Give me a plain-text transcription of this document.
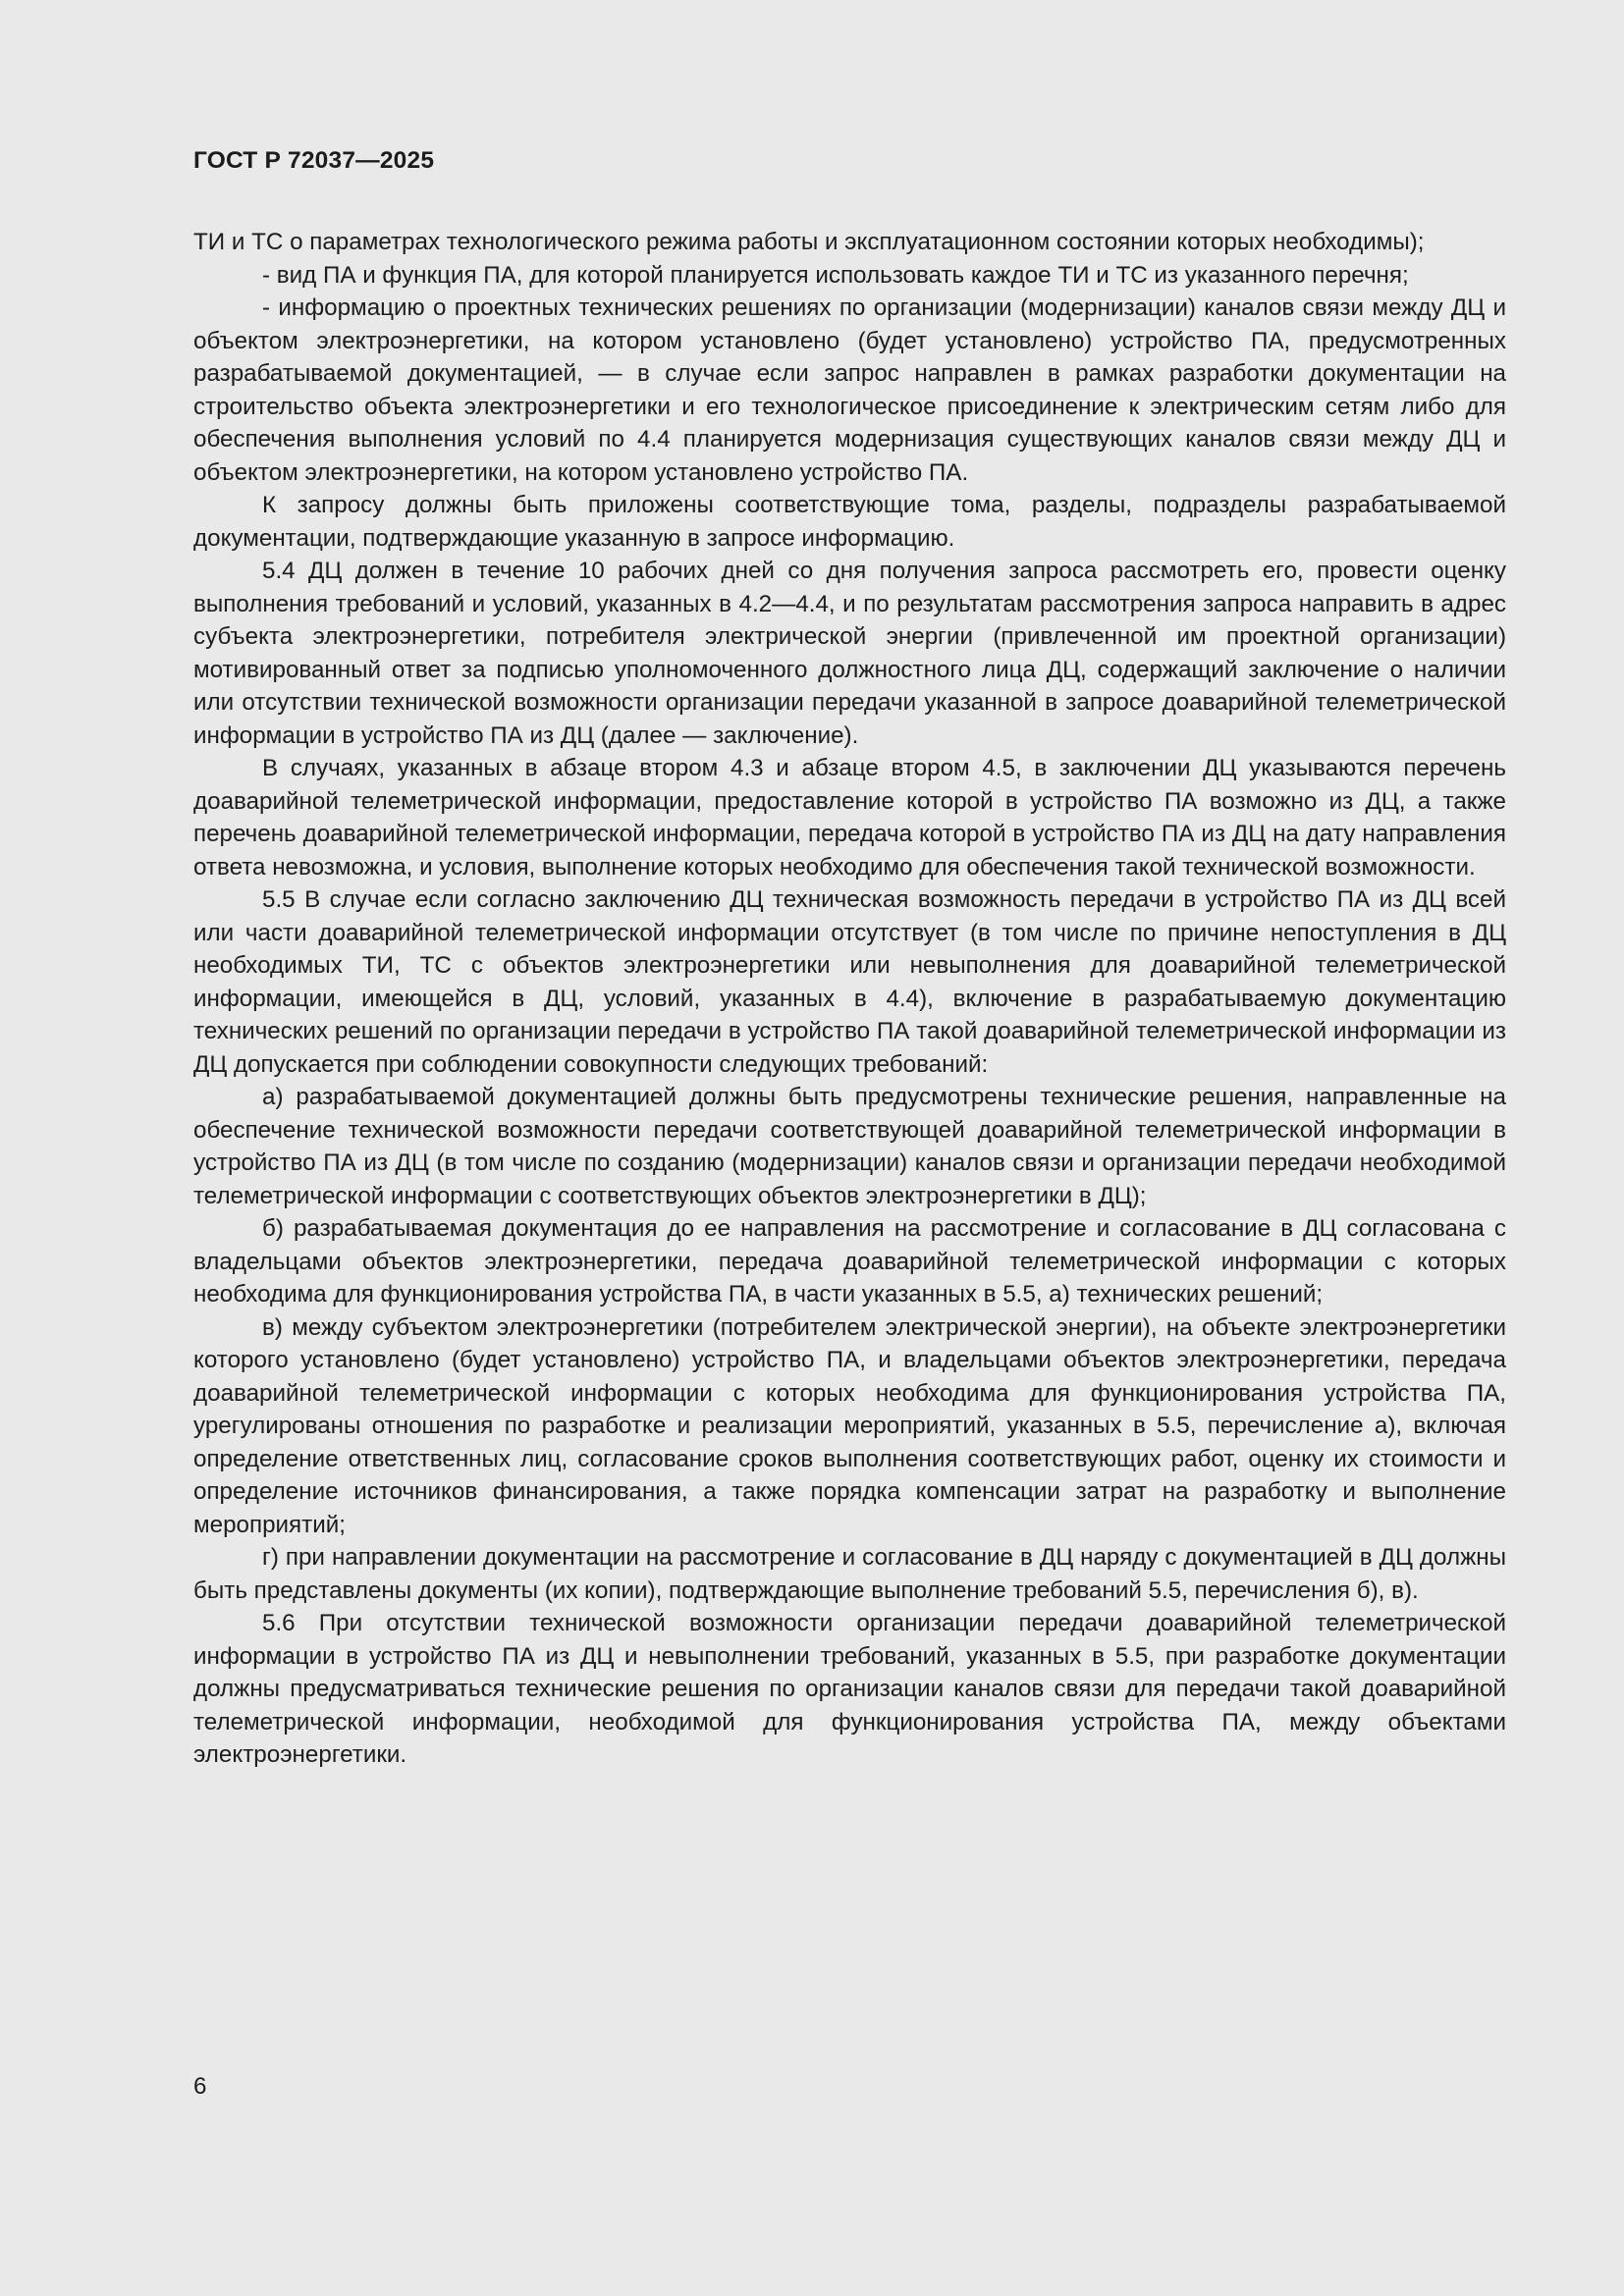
ГОСТ Р 72037—2025

ТИ и ТС о параметрах технологического режима работы и эксплуатационном состоянии которых необходимы);

- вид ПА и функция ПА, для которой планируется использовать каждое ТИ и ТС из указанного перечня;

- информацию о проектных технических решениях по организации (модернизации) каналов связи между ДЦ и объектом электроэнергетики, на котором установлено (будет установлено) устройство ПА, предусмотренных разрабатываемой документацией, — в случае если запрос направлен в рамках разработки документации на строительство объекта электроэнергетики и его технологическое присоединение к электрическим сетям либо для обеспечения выполнения условий по 4.4 планируется модернизация существующих каналов связи между ДЦ и объектом электроэнергетики, на котором установлено устройство ПА.

К запросу должны быть приложены соответствующие тома, разделы, подразделы разрабатываемой документации, подтверждающие указанную в запросе информацию.

5.4 ДЦ должен в течение 10 рабочих дней со дня получения запроса рассмотреть его, провести оценку выполнения требований и условий, указанных в 4.2—4.4, и по результатам рассмотрения запроса направить в адрес субъекта электроэнергетики, потребителя электрической энергии (привлеченной им проектной организации) мотивированный ответ за подписью уполномоченного должностного лица ДЦ, содержащий заключение о наличии или отсутствии технической возможности организации передачи указанной в запросе доаварийной телеметрической информации в устройство ПА из ДЦ (далее — заключение).

В случаях, указанных в абзаце втором 4.3 и абзаце втором 4.5, в заключении ДЦ указываются перечень доаварийной телеметрической информации, предоставление которой в устройство ПА возможно из ДЦ, а также перечень доаварийной телеметрической информации, передача которой в устройство ПА из ДЦ на дату направления ответа невозможна, и условия, выполнение которых необходимо для обеспечения такой технической возможности.

5.5 В случае если согласно заключению ДЦ техническая возможность передачи в устройство ПА из ДЦ всей или части доаварийной телеметрической информации отсутствует (в том числе по причине непоступления в ДЦ необходимых ТИ, ТС с объектов электроэнергетики или невыполнения для доаварийной телеметрической информации, имеющейся в ДЦ, условий, указанных в 4.4), включение в разрабатываемую документацию технических решений по организации передачи в устройство ПА такой доаварийной телеметрической информации из ДЦ допускается при соблюдении совокупности следующих требований:

а) разрабатываемой документацией должны быть предусмотрены технические решения, направленные на обеспечение технической возможности передачи соответствующей доаварийной телеметрической информации в устройство ПА из ДЦ (в том числе по созданию (модернизации) каналов связи и организации передачи необходимой телеметрической информации с соответствующих объектов электроэнергетики в ДЦ);

б) разрабатываемая документация до ее направления на рассмотрение и согласование в ДЦ согласована с владельцами объектов электроэнергетики, передача доаварийной телеметрической информации с которых необходима для функционирования устройства ПА, в части указанных в 5.5, а) технических решений;

в) между субъектом электроэнергетики (потребителем электрической энергии), на объекте электроэнергетики которого установлено (будет установлено) устройство ПА, и владельцами объектов электроэнергетики, передача доаварийной телеметрической информации с которых необходима для функционирования устройства ПА, урегулированы отношения по разработке и реализации мероприятий, указанных в 5.5, перечисление а), включая определение ответственных лиц, согласование сроков выполнения соответствующих работ, оценку их стоимости и определение источников финансирования, а также порядка компенсации затрат на разработку и выполнение мероприятий;

г) при направлении документации на рассмотрение и согласование в ДЦ наряду с документацией в ДЦ должны быть представлены документы (их копии), подтверждающие выполнение требований 5.5, перечисления б), в).

5.6 При отсутствии технической возможности организации передачи доаварийной телеметрической информации в устройство ПА из ДЦ и невыполнении требований, указанных в 5.5, при разработке документации должны предусматриваться технические решения по организации каналов связи для передачи такой доаварийной телеметрической информации, необходимой для функционирования устройства ПА, между объектами электроэнергетики.

6
